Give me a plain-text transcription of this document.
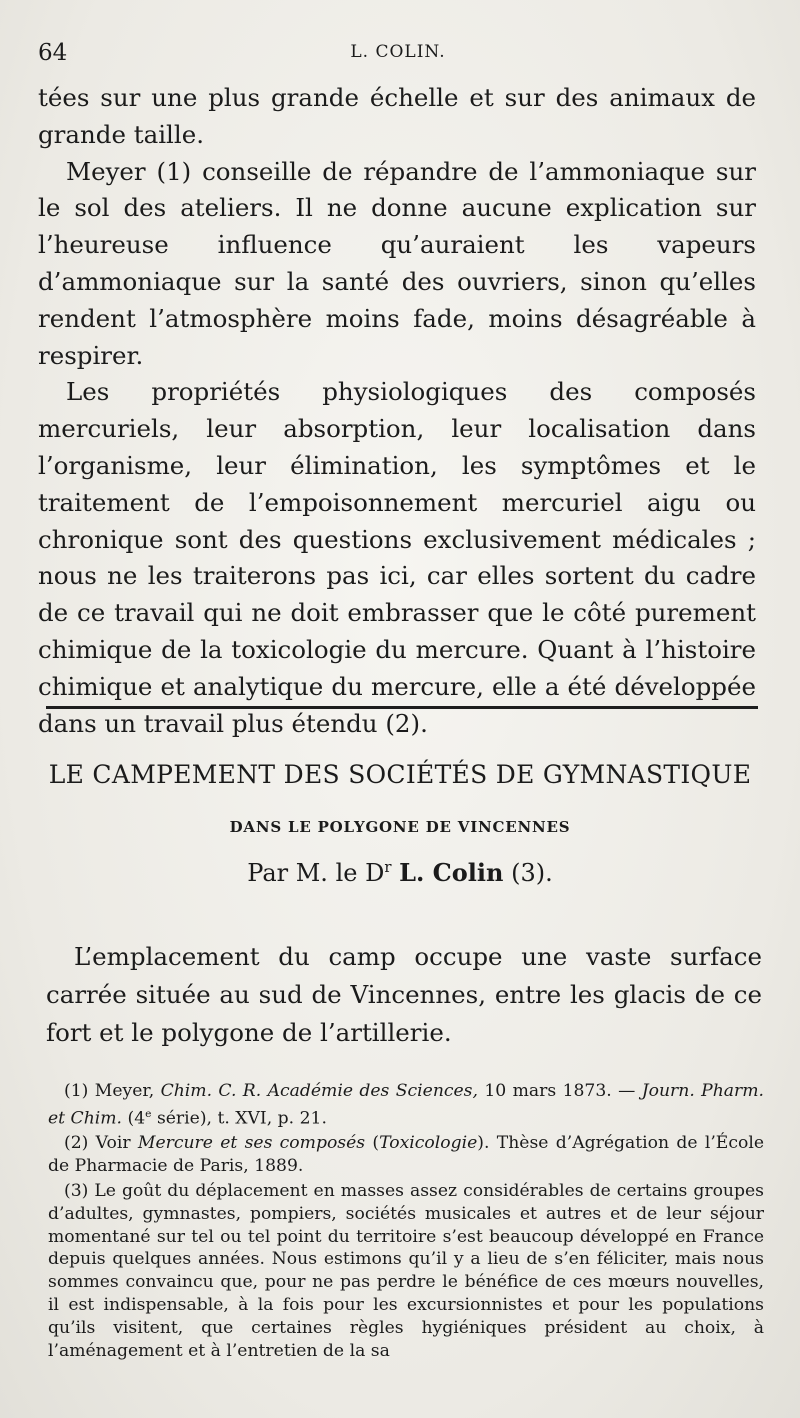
64	L. COLIN.

tées sur une plus grande échelle et sur des animaux de grande taille.

Meyer (1) conseille de répandre de l’ammoniaque sur le sol des ateliers. Il ne donne aucune explication sur l’heureuse influence qu’auraient les vapeurs d’ammoniaque sur la santé des ouvriers, sinon qu’elles rendent l’atmosphère moins fade, moins désagréable à respirer.

Les propriétés physiologiques des composés mercuriels, leur absorption, leur localisation dans l’organisme, leur élimination, les symptômes et le traitement de l’empoisonnement mercuriel aigu ou chronique sont des questions exclusivement médicales ; nous ne les traiterons pas ici, car elles sortent du cadre de ce travail qui ne doit embrasser que le côté purement chimique de la toxicologie du mercure. Quant à l’histoire chimique et analytique du mercure, elle a été développée dans un travail plus étendu (2).

LE CAMPEMENT DES SOCIÉTÉS DE GYMNASTIQUE
DANS LE POLYGONE DE VINCENNES
Par M. le $D^r$ L. Colin (3).

L’emplacement du camp occupe une vaste surface carrée située au sud de Vincennes, entre les glacis de ce fort et le polygone de l’artillerie.

(1) Meyer, Chim. C. R. Académie des Sciences, 10 mars 1873. — Journ. Pharm. et Chim. (4e série), t. XVI, p. 21.

(2) Voir Mercure et ses composés (Toxicologie). Thèse d’Agrégation de l’École de Pharmacie de Paris, 1889.

(3) Le goût du déplacement en masses assez considérables de certains groupes d’adultes, gymnastes, pompiers, sociétés musicales et autres et de leur séjour momentané sur tel ou tel point du territoire s’est beaucoup développé en France depuis quelques années. Nous estimons qu’il y a lieu de s’en féliciter, mais nous sommes convaincu que, pour ne pas perdre le bénéfice de ces mœurs nouvelles, il est indispensable, à la fois pour les excursionnistes et pour les populations qu’ils visitent, que certaines règles hygiéniques président au choix, à l’aménagement et à l’entretien de la sa
